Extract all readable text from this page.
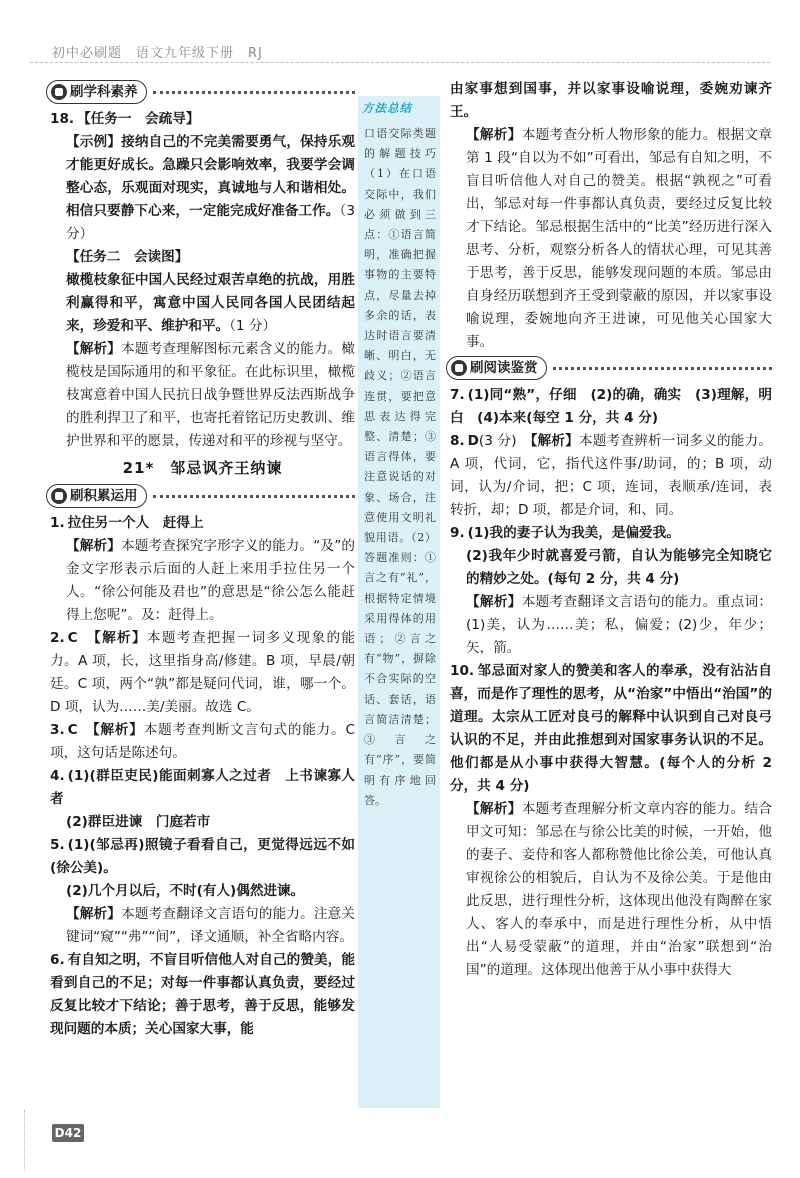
初中必刷题　语文九年级下册　RJ
刷学科素养
18. 【任务一　会疏导】
【示例】接纳自己的不完美需要勇气，保持乐观才能更好成长。急躁只会影响效率，我要学会调整心态，乐观面对现实，真诚地与人和谐相处。相信只要静下心来，一定能完成好准备工作。（3 分）
【任务二　会读图】
橄榄枝象征中国人民经过艰苦卓绝的抗战，用胜利赢得和平，寓意中国人民同各国人民团结起来，珍爱和平、维护和平。（1 分）
【解析】本题考查理解图标元素含义的能力。橄榄枝是国际通用的和平象征。在此标识里，橄榄枝寓意着中国人民抗日战争暨世界反法西斯战争的胜利捍卫了和平，也寄托着铭记历史教训、维护世界和平的愿景，传递对和平的珍视与坚守。
21*　邹忌讽齐王纳谏
刷积累运用
1. 拉住另一个人　赶得上
【解析】本题考查探究字形字义的能力。“及”的金文字形表示后面的人赶上来用手拉住另一个人。“徐公何能及君也”的意思是“徐公怎么能赶得上您呢”。及：赶得上。
2. C　 【解析】本题考查把握一词多义现象的能力。A 项，长，这里指身高/修建。B 项，早晨/朝廷。C 项，两个“孰”都是疑问代词，谁，哪一个。D 项，认为……美/美丽。故选 C。
3. C　 【解析】本题考查判断文言句式的能力。C 项，这句话是陈述句。
4. (1)(群臣吏民)能面刺寡人之过者　上书谏寡人者
(2)群臣进谏　门庭若市
5. (1)(邹忌再)照镜子看看自己，更觉得远远不如(徐公美)。
(2)几个月以后，不时(有人)偶然进谏。
【解析】本题考查翻译文言语句的能力。注意关键词“窥”“弗”“间”，译文通顺，补全省略内容。
6. 有自知之明，不盲目听信他人对自己的赞美，能看到自己的不足；对每一件事都认真负责，要经过反复比较才下结论；善于思考，善于反思，能够发现问题的本质；关心国家大事，能
方法总结
口语交际类题的解题技巧（1）在口语交际中，我们必须做到三点：①语言简明，准确把握事物的主要特点，尽量去掉多余的话，表达时语言要清晰、明白，无歧义；②语言连贯，要把意思表达得完整、清楚；③语言得体，要注意说话的对象、场合，注意使用文明礼貌用语。（2）答题准则：①言之有“礼”，根据特定情境采用得体的用语；②言之有“物”，摒除不合实际的空话、套话，语言简洁清楚；③言之有“序”，要简明有序地回答。
由家事想到国事，并以家事设喻说理，委婉劝谏齐王。
【解析】本题考查分析人物形象的能力。根据文章第 1 段“自以为不如”可看出，邹忌有自知之明，不盲目听信他人对自己的赞美。根据“孰视之”可看出，邹忌对每一件事都认真负责，要经过反复比较才下结论。邹忌根据生活中的“比美”经历进行深入思考、分析，观察分析各人的情状心理，可见其善于思考，善于反思，能够发现问题的本质。邹忌由自身经历联想到齐王受到蒙蔽的原因，并以家事设喻说理，委婉地向齐王进谏，可见他关心国家大事。
刷阅读鉴赏
7. (1)同“熟”，仔细　(2)的确，确实　(3)理解，明白　(4)本来(每空 1 分，共 4 分)
8. D(3 分)　 【解析】本题考查辨析一词多义的能力。A 项，代词，它，指代这件事/助词，的；B 项，动词，认为/介词，把；C 项，连词，表顺承/连词，表转折，却；D 项，都是介词，和、同。
9. (1)我的妻子认为我美，是偏爱我。
(2)我年少时就喜爱弓箭，自认为能够完全知晓它的精妙之处。(每句 2 分，共 4 分)
【解析】本题考查翻译文言语句的能力。重点词：(1)美，认为……美；私，偏爱；(2)少，年少；矢，箭。
10. 邹忌面对家人的赞美和客人的奉承，没有沾沾自喜，而是作了理性的思考，从“治家”中悟出“治国”的道理。太宗从工匠对良弓的解释中认识到自己对良弓认识的不足，并由此推想到对国家事务认识的不足。他们都是从小事中获得大智慧。(每个人的分析 2 分，共 4 分)
【解析】本题考查理解分析文章内容的能力。结合甲文可知：邹忌在与徐公比美的时候，一开始，他的妻子、妾侍和客人都称赞他比徐公美，可他认真审视徐公的相貌后，自认为不及徐公美。于是他由此反思，进行理性分析，这体现出他没有陶醉在家人、客人的奉承中，而是进行理性分析，从中悟出“人易受蒙蔽”的道理，并由“治家”联想到“治国”的道理。这体现出他善于从小事中获得大
D42
